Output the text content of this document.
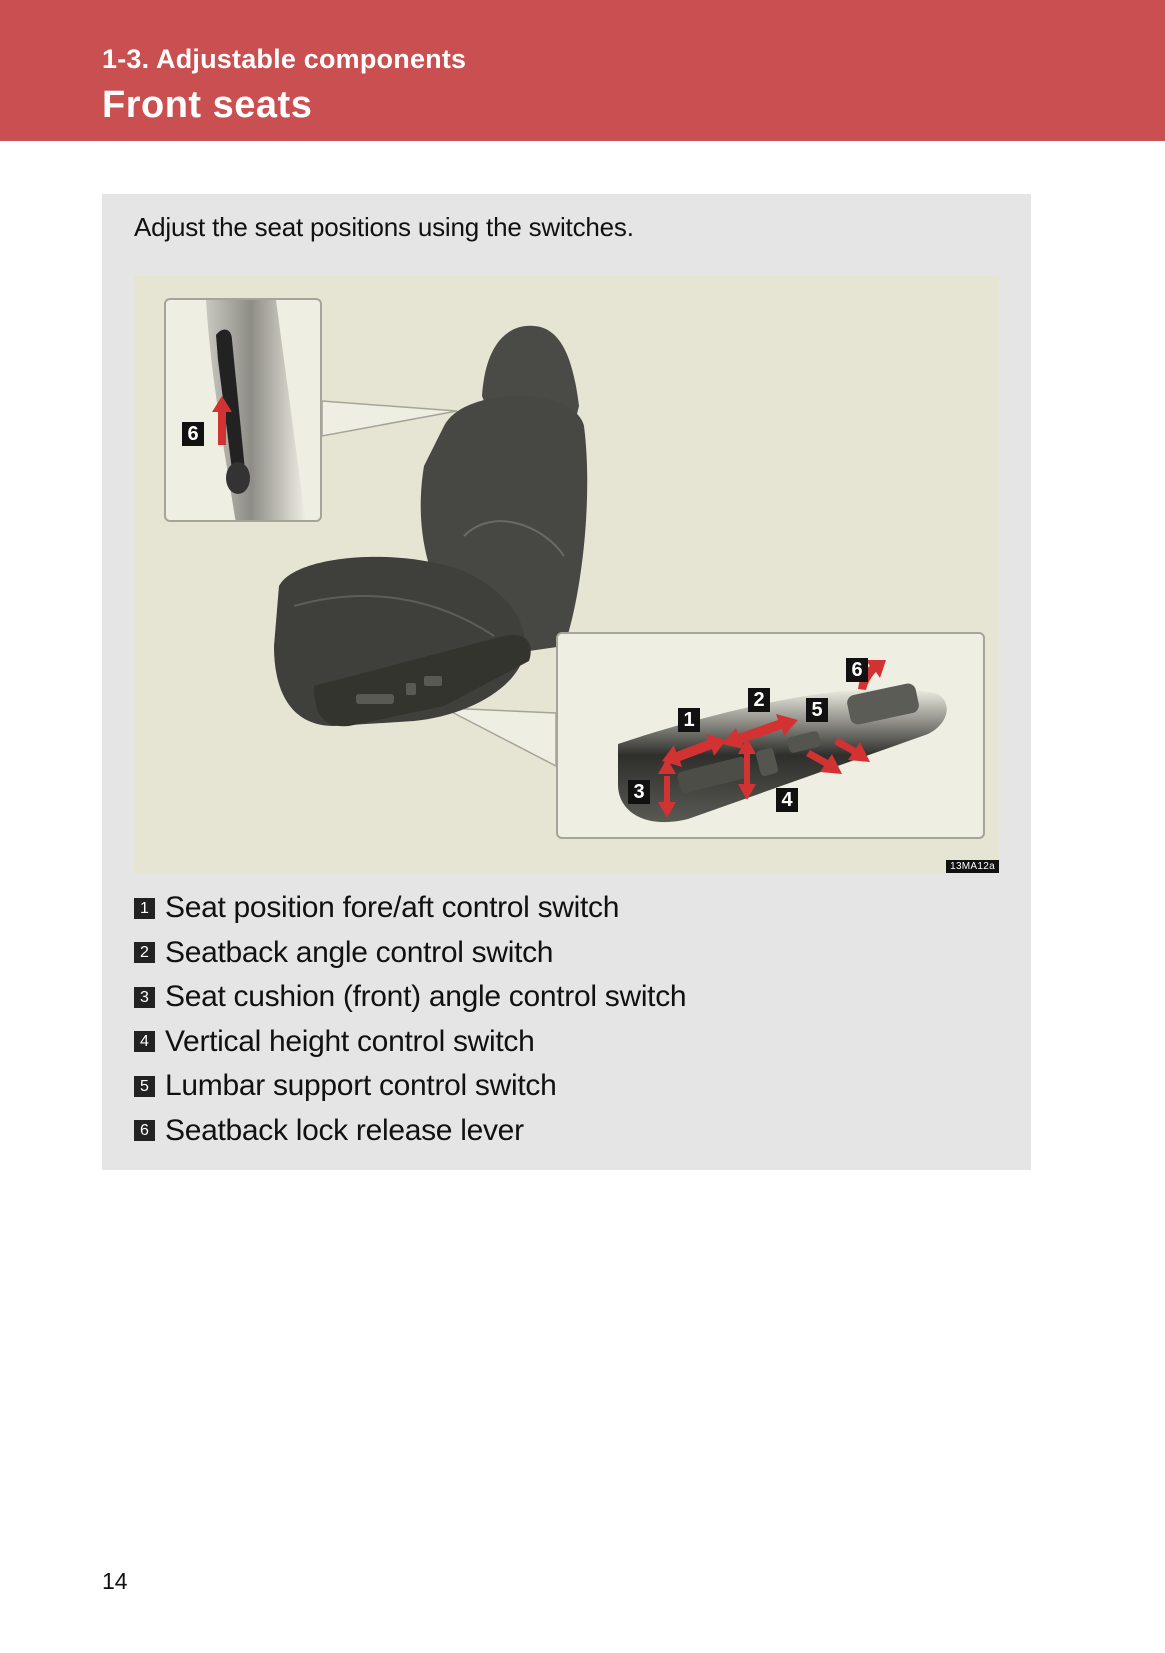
1-3. Adjustable components
Front seats
Adjust the seat positions using the switches.
6
1
2
3	4
5
6
13MA12a
1 Seat position fore/aft control switch
2 Seatback angle control switch
3 Seat cushion (front) angle control switch
4 Vertical height control switch
5 Lumbar support control switch
6 Seatback lock release lever
14
